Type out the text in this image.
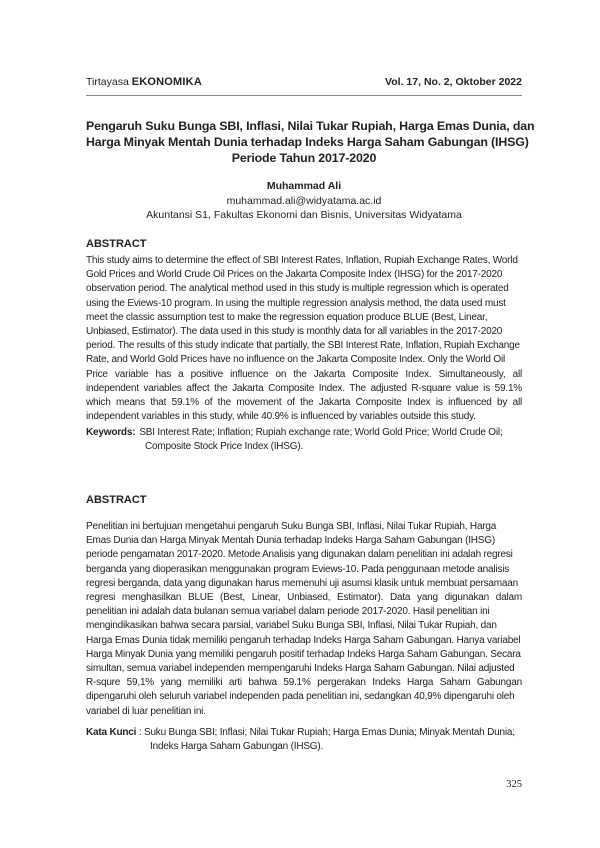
Tirtayasa EKONOMIKA	Vol. 17, No. 2, Oktober 2022
Pengaruh Suku Bunga SBI, Inflasi, Nilai Tukar Rupiah, Harga Emas Dunia, dan
Harga Minyak Mentah Dunia terhadap Indeks Harga Saham Gabungan (IHSG)
Periode Tahun 2017-2020
Muhammad Ali
muhammad.ali@widyatama.ac.id
Akuntansi S1, Fakultas Ekonomi dan Bisnis, Universitas Widyatama
ABSTRACT
This study aims to determine the effect of SBI Interest Rates, Inflation, Rupiah Exchange Rates, World
Gold Prices and World Crude Oil Prices on the Jakarta Composite Index (IHSG) for the 2017-2020
observation period. The analytical method used in this study is multiple regression which is operated
using the Eviews-10 program. In using the multiple regression analysis method, the data used must
meet the classic assumption test to make the regression equation produce BLUE (Best, Linear,
Unbiased, Estimator). The data used in this study is monthly data for all variables in the 2017-2020
period. The results of this study indicate that partially, the SBI Interest Rate, Inflation, Rupiah Exchange
Rate, and World Gold Prices have no influence on the Jakarta Composite Index. Only the World Oil
Price variable has a positive influence on the Jakarta Composite Index. Simultaneously, all
independent variables affect the Jakarta Composite Index. The adjusted R-square value is 59.1%
which means that 59.1% of the movement of the Jakarta Composite Index is influenced by all
independent variables in this study, while 40.9% is influenced by variables outside this study.
Keywords: SBI Interest Rate; Inflation; Rupiah exchange rate; World Gold Price; World Crude Oil;
Composite Stock Price Index (IHSG).
ABSTRACT
Penelitian ini bertujuan mengetahui pengaruh Suku Bunga SBI, Inflasi, Nilai Tukar Rupiah, Harga
Emas Dunia dan Harga Minyak Mentah Dunia terhadap Indeks Harga Saham Gabungan (IHSG)
periode pengamatan 2017-2020. Metode Analisis yang digunakan dalam penelitian ini adalah regresi
berganda yang dioperasikan menggunakan program Eviews-10. Pada penggunaan metode analisis
regresi berganda, data yang digunakan harus memenuhi uji asumsi klasik untuk membuat persamaan
regresi menghasilkan BLUE (Best, Linear, Unbiased, Estimator). Data yang digunakan dalam
penelitian ini adalah data bulanan semua variabel dalam periode 2017-2020. Hasil penelitian ini
mengindikasikan bahwa secara parsial, variabel Suku Bunga SBI, Inflasi, Nilai Tukar Rupiah, dan
Harga Emas Dunia tidak memiliki pengaruh terhadap Indeks Harga Saham Gabungan. Hanya variabel
Harga Minyak Dunia yang memiliki pengaruh positif terhadap Indeks Harga Saham Gabungan. Secara
simultan, semua variabel independen mempengaruhi Indeks Harga Saham Gabungan. Nilai adjusted
R-squre 59,1% yang memiliki arti bahwa 59.1% pergerakan Indeks Harga Saham Gabungan
dipengaruhi oleh seluruh variabel independen pada penelitian ini, sedangkan 40,9% dipengaruhi oleh
variabel di luar penelitian ini.
Kata Kunci : Suku Bunga SBI; Inflasi; Nilai Tukar Rupiah; Harga Emas Dunia; Minyak Mentah Dunia;
Indeks Harga Saham Gabungan (IHSG).
325
